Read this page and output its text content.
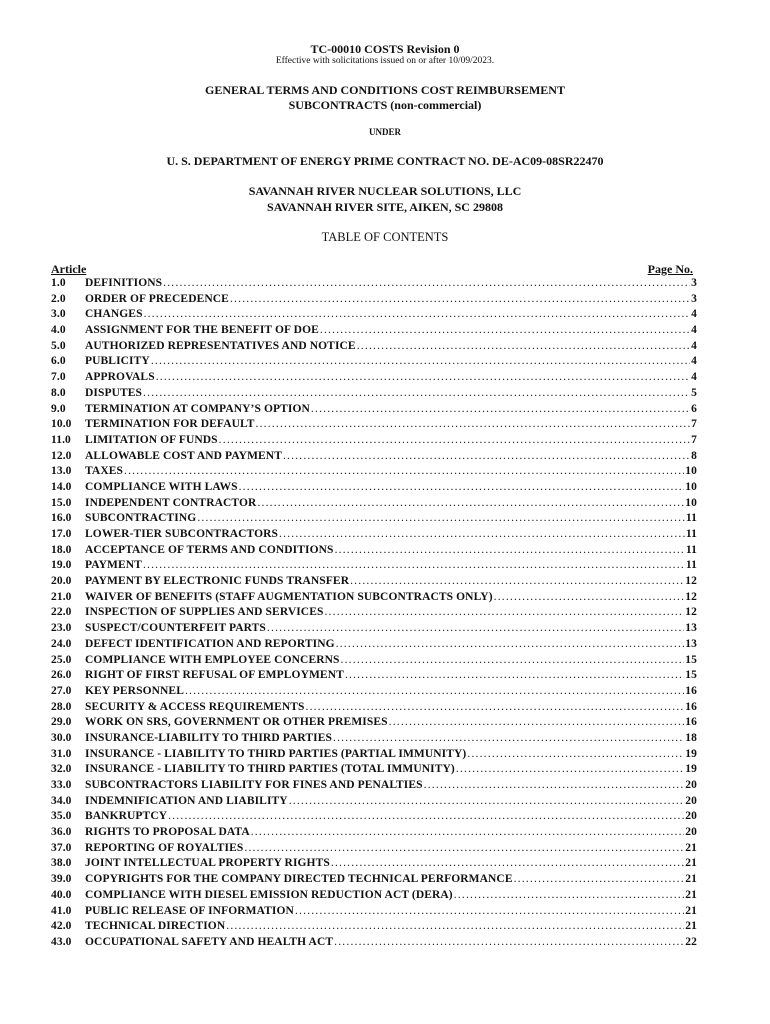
TC-00010 COSTS Revision 0
Effective with solicitations issued on or after 10/09/2023.
GENERAL TERMS AND CONDITIONS COST REIMBURSEMENT
SUBCONTRACTS (non-commercial)
UNDER
U. S. DEPARTMENT OF ENERGY PRIME CONTRACT NO. DE-AC09-08SR22470
SAVANNAH RIVER NUCLEAR SOLUTIONS, LLC
SAVANNAH RIVER SITE, AIKEN, SC 29808
TABLE OF CONTENTS
Article	Page No.
1.0	DEFINITIONS .....	3
2.0	ORDER OF PRECEDENCE .....	3
3.0	CHANGES .....	4
4.0	ASSIGNMENT FOR THE BENEFIT OF DOE .....	4
5.0	AUTHORIZED REPRESENTATIVES AND NOTICE .....	4
6.0	PUBLICITY .....	4
7.0	APPROVALS .....	4
8.0	DISPUTES .....	5
9.0	TERMINATION AT COMPANY’S OPTION .....	6
10.0	TERMINATION FOR DEFAULT .....	7
11.0	LIMITATION OF FUNDS .....	7
12.0	ALLOWABLE COST AND PAYMENT .....	8
13.0	TAXES .....	10
14.0	COMPLIANCE WITH LAWS .....	10
15.0	INDEPENDENT CONTRACTOR .....	10
16.0	SUBCONTRACTING .....	11
17.0	LOWER-TIER SUBCONTRACTORS .....	11
18.0	ACCEPTANCE OF TERMS AND CONDITIONS .....	11
19.0	PAYMENT .....	11
20.0	PAYMENT BY ELECTRONIC FUNDS TRANSFER .....	12
21.0	WAIVER OF BENEFITS (STAFF AUGMENTATION SUBCONTRACTS ONLY) .....	12
22.0	INSPECTION OF SUPPLIES AND SERVICES .....	12
23.0	SUSPECT/COUNTERFEIT PARTS .....	13
24.0	DEFECT IDENTIFICATION AND REPORTING .....	13
25.0	COMPLIANCE WITH EMPLOYEE CONCERNS .....	15
26.0	RIGHT OF FIRST REFUSAL OF EMPLOYMENT .....	15
27.0	KEY PERSONNEL .....	16
28.0	SECURITY & ACCESS REQUIREMENTS .....	16
29.0	WORK ON SRS, GOVERNMENT OR OTHER PREMISES .....	16
30.0	INSURANCE-LIABILITY TO THIRD PARTIES .....	18
31.0	INSURANCE - LIABILITY TO THIRD PARTIES (PARTIAL IMMUNITY) .....	19
32.0	INSURANCE - LIABILITY TO THIRD PARTIES (TOTAL IMMUNITY) .....	19
33.0	SUBCONTRACTORS LIABILITY FOR FINES AND PENALTIES .....	20
34.0	INDEMNIFICATION AND LIABILITY .....	20
35.0	BANKRUPTCY .....	20
36.0	RIGHTS TO PROPOSAL DATA .....	20
37.0	REPORTING OF ROYALTIES .....	21
38.0	JOINT INTELLECTUAL PROPERTY RIGHTS .....	21
39.0	COPYRIGHTS FOR THE COMPANY DIRECTED TECHNICAL PERFORMANCE .....	21
40.0	COMPLIANCE WITH DIESEL EMISSION REDUCTION ACT (DERA) .....	21
41.0	PUBLIC RELEASE OF INFORMATION .....	21
42.0	TECHNICAL DIRECTION .....	21
43.0	OCCUPATIONAL SAFETY AND HEALTH ACT .....	22
